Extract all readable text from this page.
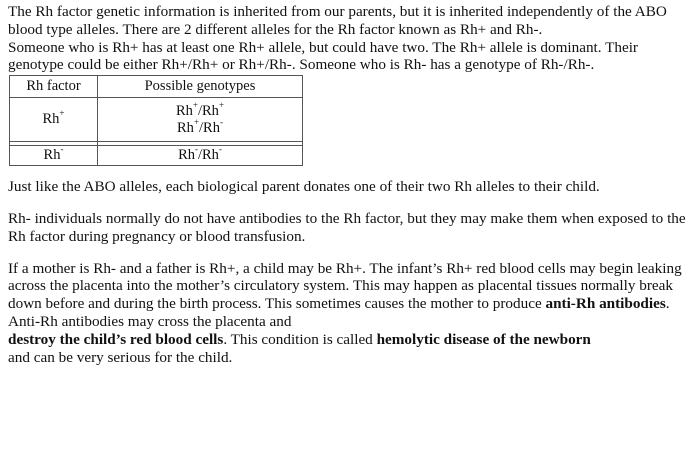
The Rh factor genetic information is inherited from our parents, but it is inherited independently of the ABO blood type alleles. There are 2 different alleles for the Rh factor known as Rh+ and Rh-.

Someone who is Rh+ has at least one Rh+ allele, but could have two. The Rh+ allele is dominant. Their genotype could be either Rh+/Rh+ or Rh+/Rh-. Someone who is Rh- has a genotype of Rh-/Rh-.

Rh factor	Possible genotypes
Rh+	Rh+/Rh+
Rh+/Rh-

Rh-	Rh-/Rh-

Just like the ABO alleles, each biological parent donates one of their two Rh alleles to their child.

Rh- individuals normally do not have antibodies to the Rh factor, but they may make them when exposed to the Rh factor during pregnancy or blood transfusion.

If a mother is Rh- and a father is Rh+, a child may be Rh+. The infant’s Rh+ red blood cells may begin leaking across the placenta into the mother’s circulatory system. This may happen as placental tissues normally break down before and during the birth process. This sometimes causes the mother to produce anti-Rh antibodies. Anti-Rh antibodies may cross the placenta and
destroy the child’s red blood cells. This condition is called hemolytic disease of the newborn
and can be very serious for the child.
